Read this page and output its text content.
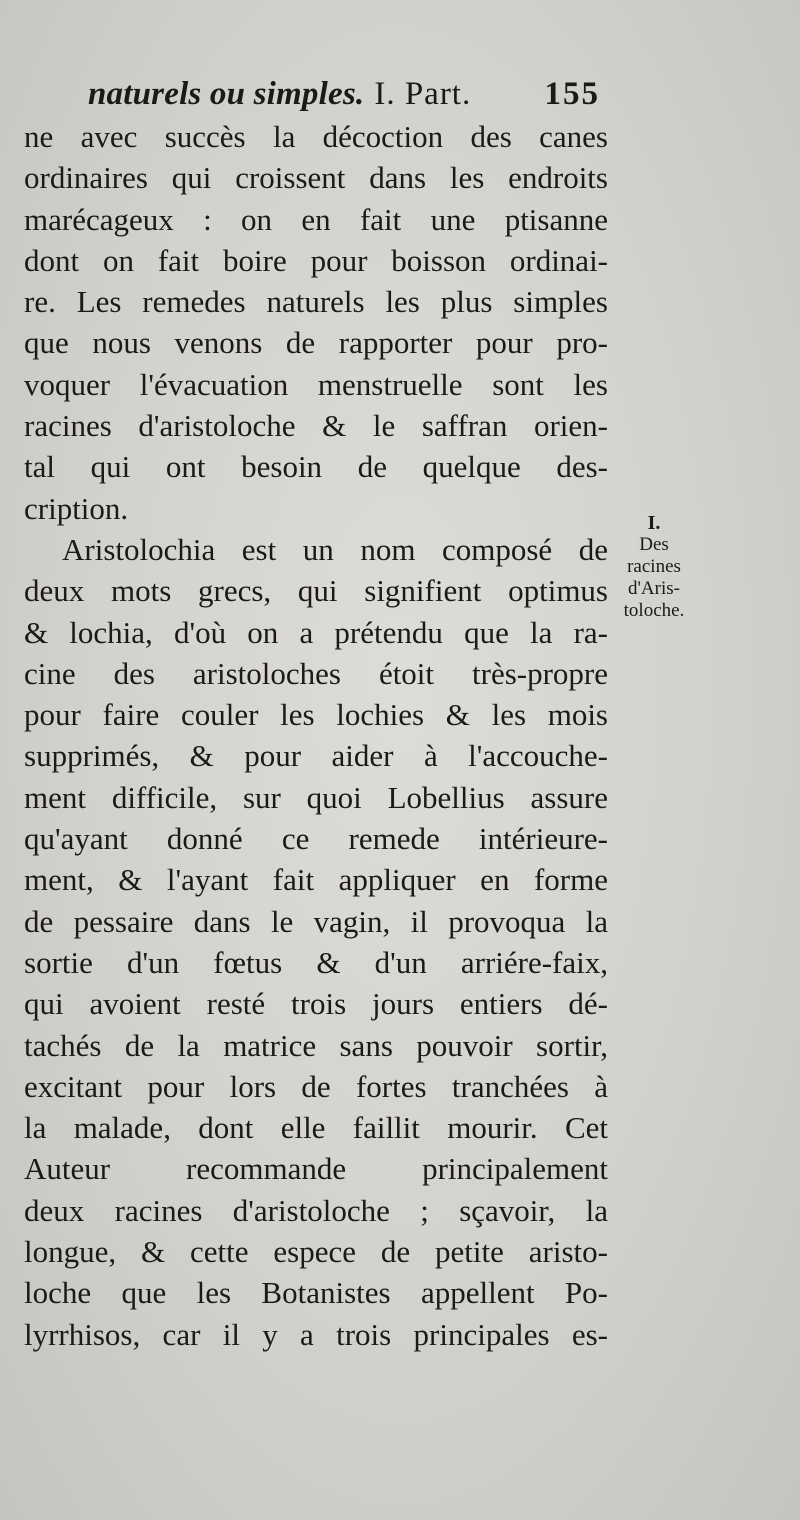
naturels ou simples. I. Part. 155
ne avec succès la décoction des canes
ordinaires qui croissent dans les endroits
marécageux : on en fait une ptisanne
dont on fait boire pour boisson ordinai-
re. Les remedes naturels les plus simples
que nous venons de rapporter pour pro-
voquer l'évacuation menstruelle sont les
racines d'aristoloche & le saffran orien-
tal qui ont besoin de quelque des-
cription.
Aristolochia est un nom composé de
deux mots grecs, qui signifient optimus
& lochia, d'où on a prétendu que la ra-
cine des aristoloches étoit très-propre
pour faire couler les lochies & les mois
supprimés, & pour aider à l'accouche-
ment difficile, sur quoi Lobellius assure
qu'ayant donné ce remede intérieure-
ment, & l'ayant fait appliquer en forme
de pessaire dans le vagin, il provoqua la
sortie d'un fœtus & d'un arriére-faix,
qui avoient resté trois jours entiers dé-
tachés de la matrice sans pouvoir sortir,
excitant pour lors de fortes tranchées à
la malade, dont elle faillit mourir. Cet
Auteur recommande principalement
deux racines d'aristoloche ; sçavoir, la
longue, & cette espece de petite aristo-
loche que les Botanistes appellent Po-
lyrrhisos, car il y a trois principales es-
I.
Des
racines
d'Aris-
toloche.
